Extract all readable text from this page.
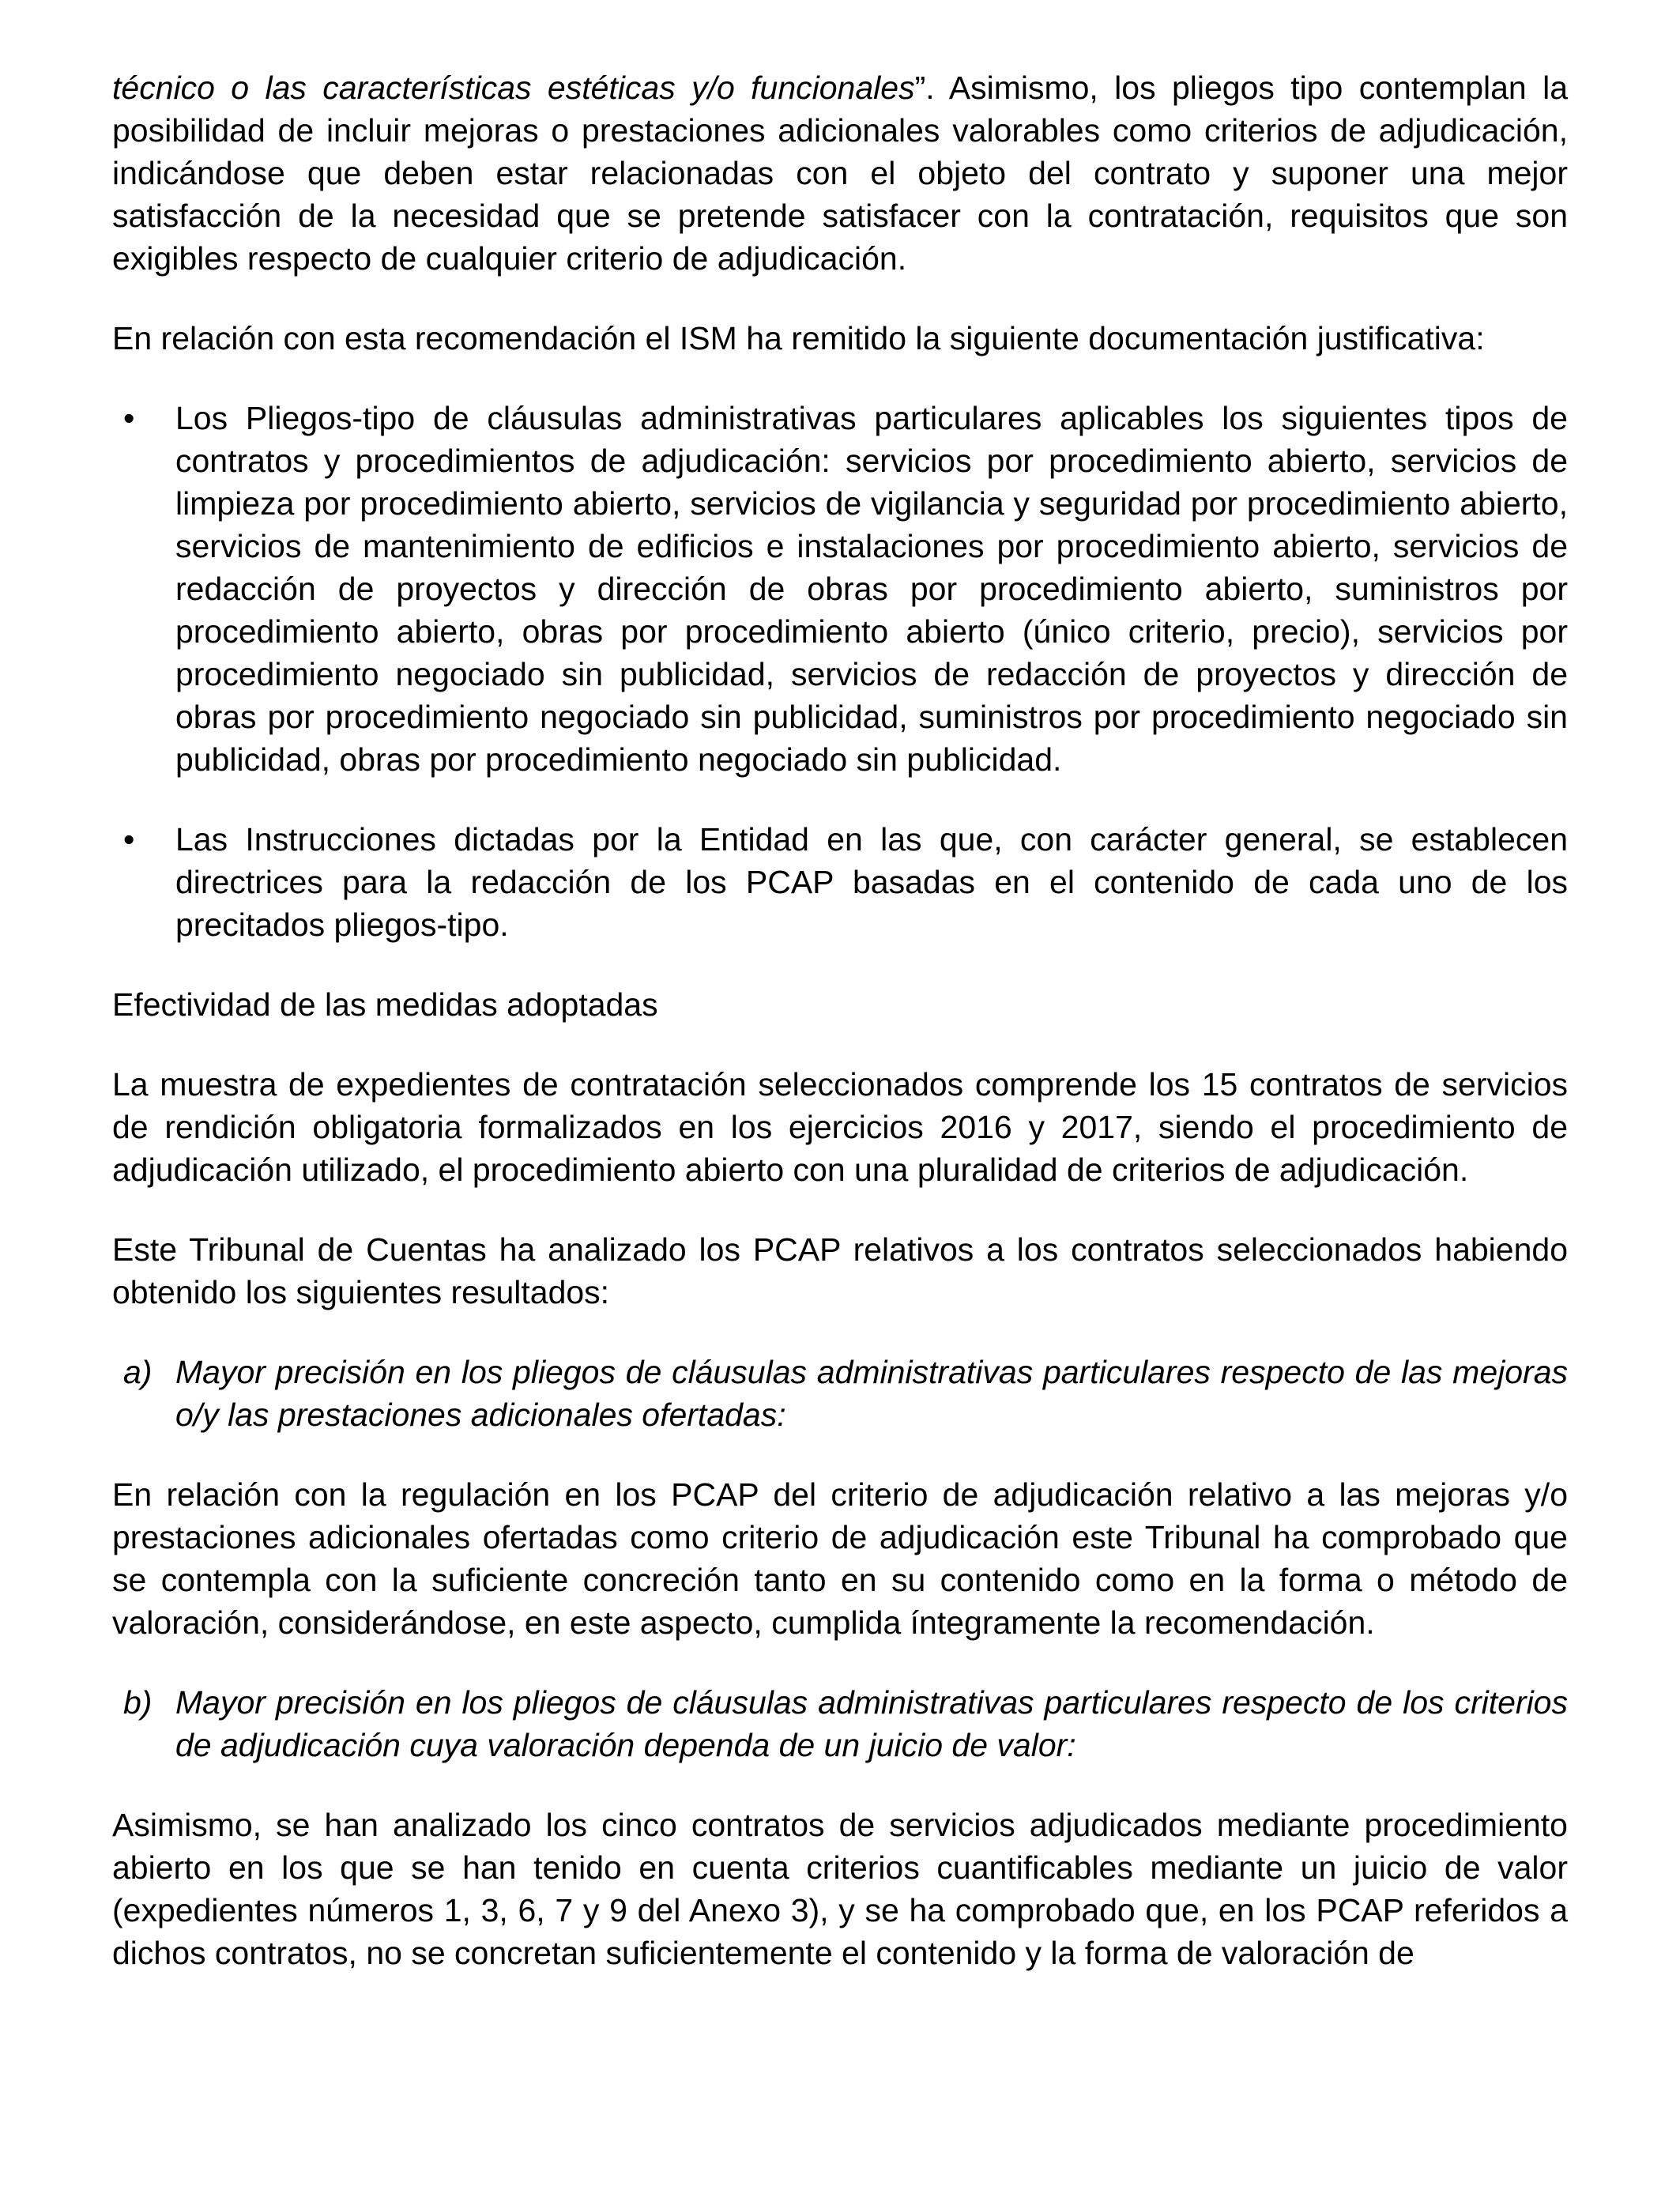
técnico o las características estéticas y/o funcionales”. Asimismo, los pliegos tipo contemplan la posibilidad de incluir mejoras o prestaciones adicionales valorables como criterios de adjudicación, indicándose que deben estar relacionadas con el objeto del contrato y suponer una mejor satisfacción de la necesidad que se pretende satisfacer con la contratación, requisitos que son exigibles respecto de cualquier criterio de adjudicación.

En relación con esta recomendación el ISM ha remitido la siguiente documentación justificativa:

• Los Pliegos-tipo de cláusulas administrativas particulares aplicables los siguientes tipos de contratos y procedimientos de adjudicación: servicios por procedimiento abierto, servicios de limpieza por procedimiento abierto, servicios de vigilancia y seguridad por procedimiento abierto, servicios de mantenimiento de edificios e instalaciones por procedimiento abierto, servicios de redacción de proyectos y dirección de obras por procedimiento abierto, suministros por procedimiento abierto, obras por procedimiento abierto (único criterio, precio), servicios por procedimiento negociado sin publicidad, servicios de redacción de proyectos y dirección de obras por procedimiento negociado sin publicidad, suministros por procedimiento negociado sin publicidad, obras por procedimiento negociado sin publicidad.
• Las Instrucciones dictadas por la Entidad en las que, con carácter general, se establecen directrices para la redacción de los PCAP basadas en el contenido de cada uno de los precitados pliegos-tipo.

Efectividad de las medidas adoptadas

La muestra de expedientes de contratación seleccionados comprende los 15 contratos de servicios de rendición obligatoria formalizados en los ejercicios 2016 y 2017, siendo el procedimiento de adjudicación utilizado, el procedimiento abierto con una pluralidad de criterios de adjudicación.

Este Tribunal de Cuentas ha analizado los PCAP relativos a los contratos seleccionados habiendo obtenido los siguientes resultados:

a) Mayor precisión en los pliegos de cláusulas administrativas particulares respecto de las mejoras o/y las prestaciones adicionales ofertadas:

En relación con la regulación en los PCAP del criterio de adjudicación relativo a las mejoras y/o prestaciones adicionales ofertadas como criterio de adjudicación este Tribunal ha comprobado que se contempla con la suficiente concreción tanto en su contenido como en la forma o método de valoración, considerándose, en este aspecto, cumplida íntegramente la recomendación.

b) Mayor precisión en los pliegos de cláusulas administrativas particulares respecto de los criterios de adjudicación cuya valoración dependa de un juicio de valor:

Asimismo, se han analizado los cinco contratos de servicios adjudicados mediante procedimiento abierto en los que se han tenido en cuenta criterios cuantificables mediante un juicio de valor (expedientes números 1, 3, 6, 7 y 9 del Anexo 3), y se ha comprobado que, en los PCAP referidos a dichos contratos, no se concretan suficientemente el contenido y la forma de valoración de
